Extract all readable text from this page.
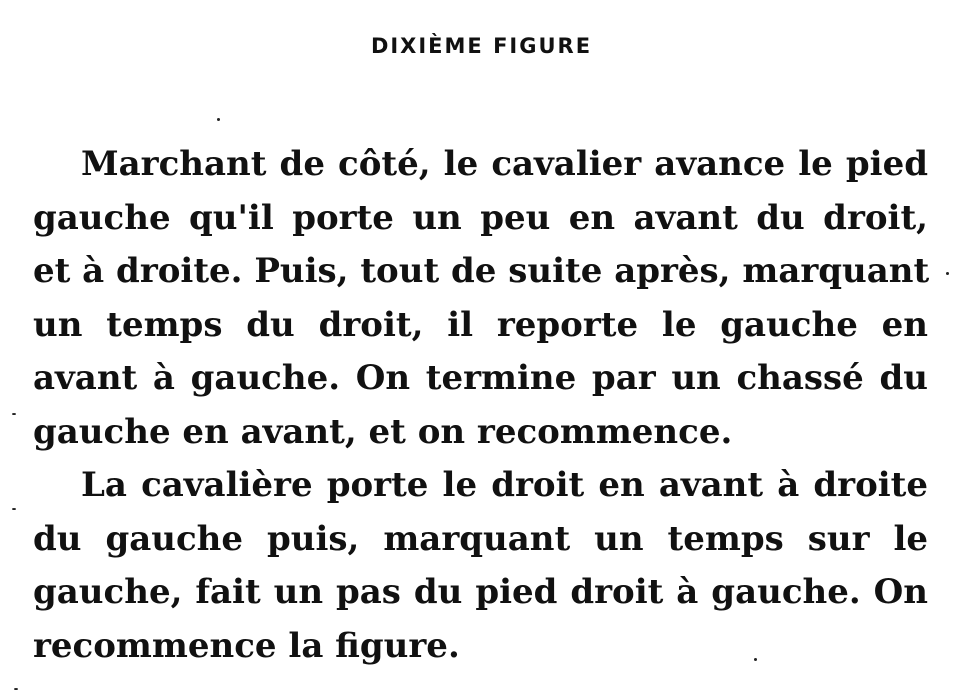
DIXIÈME FIGURE
Marchant de côté, le cavalier avance le pied
gauche qu'il porte un peu en avant du droit,
et à droite. Puis, tout de suite après, marquant
un temps du droit, il reporte le gauche en
avant à gauche. On termine par un chassé du
gauche en avant, et on recommence.
La cavalière porte le droit en avant à droite
du gauche puis, marquant un temps sur le
gauche, fait un pas du pied droit à gauche. On
recommence la figure.
